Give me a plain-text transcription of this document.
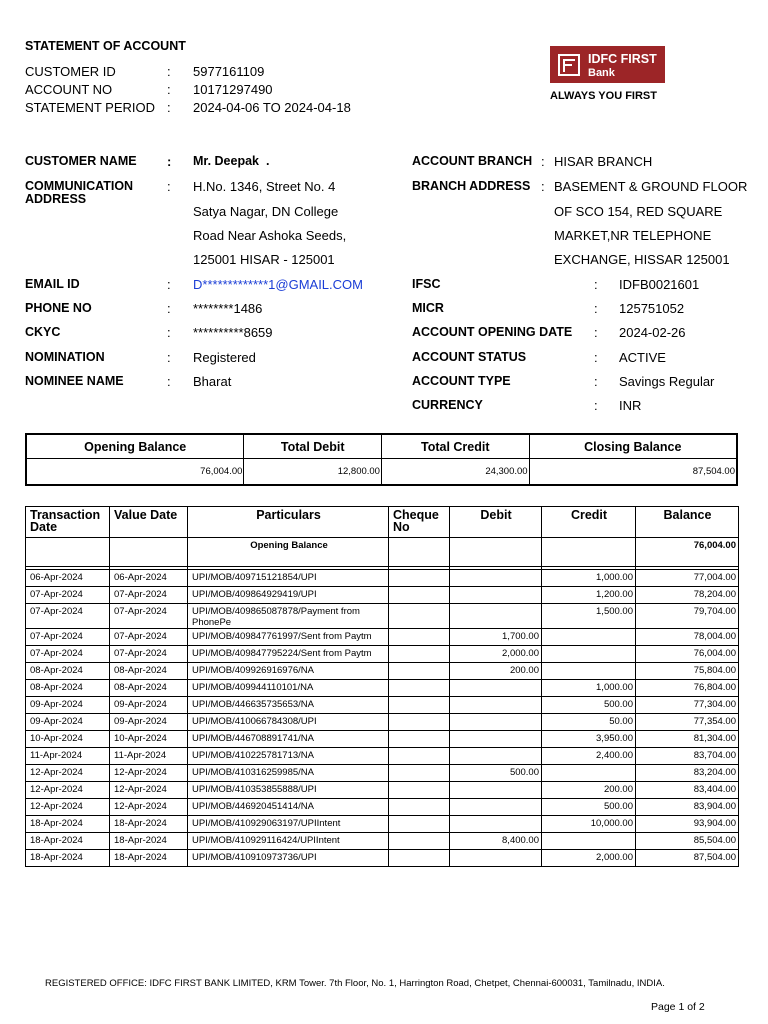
STATEMENT OF ACCOUNT
CUSTOMER ID	: 5977161109
ACCOUNT NO	: 10171297490
STATEMENT PERIOD : 2024-04-06 TO 2024-04-18
IDFC FIRST
Bank
ALWAYS YOU FIRST
CUSTOMER NAME : Mr. Deepak  .
COMMUNICATION
ADDRESS
: H.No. 1346, Street No. 4
Satya Nagar, DN College
Road Near Ashoka Seeds,
125001 HISAR - 125001
EMAIL ID	: D*************1@GMAIL.COM
PHONE NO	: ********1486
CKYC	: **********8659
NOMINATION	: Registered
NOMINEE NAME	: Bharat
ACCOUNT BRANCH : HISAR BRANCH
BRANCH ADDRESS : BASEMENT & GROUND FLOOR
OF SCO 154, RED SQUARE
MARKET,NR TELEPHONE
EXCHANGE, HISSAR 125001
IFSC	: IDFB0021601
MICR	: 125751052
ACCOUNT OPENING DATE : 2024-02-26
ACCOUNT STATUS	: ACTIVE
ACCOUNT TYPE	: Savings Regular
CURRENCY	: INR
Opening Balance	Total Debit	Total Credit	Closing Balance
76,004.00	12,800.00	24,300.00	87,504.00
Transaction Date	Value Date	Particulars	Cheque No	Debit	Credit	Balance
		Opening Balance				76,004.00

06-Apr-2024	06-Apr-2024	UPI/MOB/409715121854/UPI			1,000.00	77,004.00
07-Apr-2024	07-Apr-2024	UPI/MOB/409864929419/UPI			1,200.00	78,204.00
07-Apr-2024	07-Apr-2024	UPI/MOB/409865087878/Payment from PhonePe			1,500.00	79,704.00
07-Apr-2024	07-Apr-2024	UPI/MOB/409847761997/Sent from Paytm		1,700.00		78,004.00
07-Apr-2024	07-Apr-2024	UPI/MOB/409847795224/Sent from Paytm		2,000.00		76,004.00
08-Apr-2024	08-Apr-2024	UPI/MOB/409926916976/NA		200.00		75,804.00
08-Apr-2024	08-Apr-2024	UPI/MOB/409944110101/NA			1,000.00	76,804.00
09-Apr-2024	09-Apr-2024	UPI/MOB/446635735653/NA			500.00	77,304.00
09-Apr-2024	09-Apr-2024	UPI/MOB/410066784308/UPI			50.00	77,354.00
10-Apr-2024	10-Apr-2024	UPI/MOB/446708891741/NA			3,950.00	81,304.00
11-Apr-2024	11-Apr-2024	UPI/MOB/410225781713/NA			2,400.00	83,704.00
12-Apr-2024	12-Apr-2024	UPI/MOB/410316259985/NA		500.00		83,204.00
12-Apr-2024	12-Apr-2024	UPI/MOB/410353855888/UPI			200.00	83,404.00
12-Apr-2024	12-Apr-2024	UPI/MOB/446920451414/NA			500.00	83,904.00
18-Apr-2024	18-Apr-2024	UPI/MOB/410929063197/UPIIntent			10,000.00	93,904.00
18-Apr-2024	18-Apr-2024	UPI/MOB/410929116424/UPIIntent		8,400.00		85,504.00
18-Apr-2024	18-Apr-2024	UPI/MOB/410910973736/UPI			2,000.00	87,504.00
REGISTERED OFFICE: IDFC FIRST BANK LIMITED, KRM Tower. 7th Floor, No. 1, Harrington Road, Chetpet, Chennai-600031, Tamilnadu, INDIA.
Page 1 of 2
